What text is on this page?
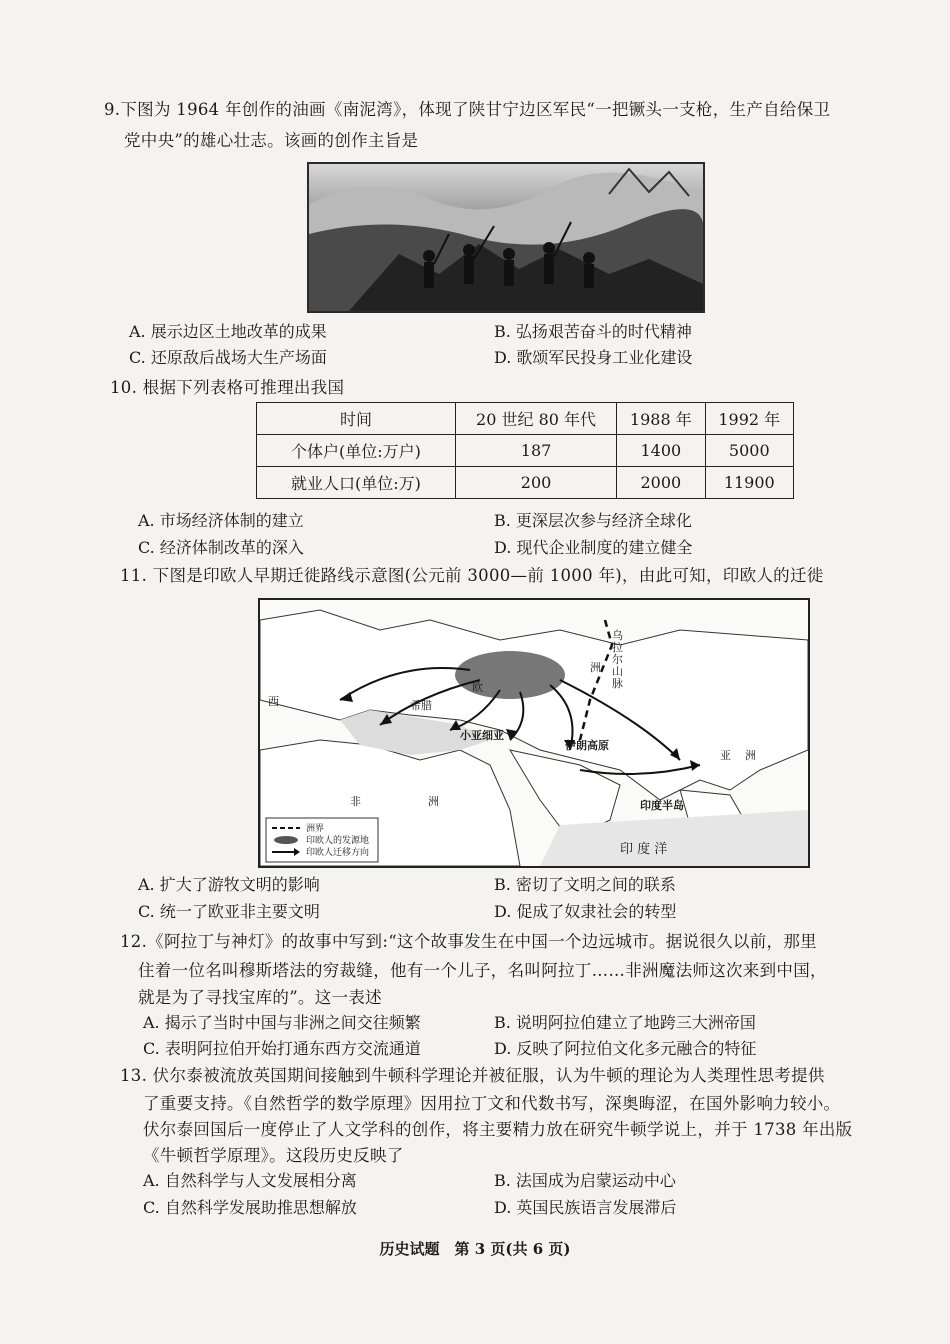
9.下图为 1964 年创作的油画《南泥湾》，体现了陕甘宁边区军民“一把镢头一支枪，生产自给保卫
党中央”的雄心壮志。该画的创作主旨是
A. 展示边区土地改革的成果	B. 弘扬艰苦奋斗的时代精神
C. 还原敌后战场大生产场面	D. 歌颂军民投身工业化建设
10. 根据下列表格可推理出我国
时间	20 世纪 80 年代	1988 年	1992 年
个体户(单位:万户)	187	1400	5000
就业人口(单位:万)	200	2000	11900
A. 市场经济体制的建立	B. 更深层次参与经济全球化
C. 经济体制改革的深入	D. 现代企业制度的建立健全
11. 下图是印欧人早期迁徙路线示意图(公元前 3000—前 1000 年)，由此可知，印欧人的迁徙
欧
洲
乌拉尔山脉
西	希腊
小亚细亚
伊朗高原
亚 洲
印度半岛
非	洲
印 度 洋
洲界
印欧人的发源地
印欧人迁移方向
A. 扩大了游牧文明的影响	B. 密切了文明之间的联系
C. 统一了欧亚非主要文明	D. 促成了奴隶社会的转型
12.《阿拉丁与神灯》的故事中写到:“这个故事发生在中国一个边远城市。据说很久以前，那里
住着一位名叫穆斯塔法的穷裁缝，他有一个儿子，名叫阿拉丁……非洲魔法师这次来到中国，
就是为了寻找宝库的”。这一表述
A. 揭示了当时中国与非洲之间交往频繁	B. 说明阿拉伯建立了地跨三大洲帝国
C. 表明阿拉伯开始打通东西方交流通道	D. 反映了阿拉伯文化多元融合的特征
13. 伏尔泰被流放英国期间接触到牛顿科学理论并被征服，认为牛顿的理论为人类理性思考提供
了重要支持。《自然哲学的数学原理》因用拉丁文和代数书写，深奥晦涩，在国外影响力较小。
伏尔泰回国后一度停止了人文学科的创作，将主要精力放在研究牛顿学说上，并于 1738 年出版
《牛顿哲学原理》。这段历史反映了
A. 自然科学与人文发展相分离	B. 法国成为启蒙运动中心
C. 自然科学发展助推思想解放	D. 英国民族语言发展滞后
历史试题　第 3 页(共 6 页)
